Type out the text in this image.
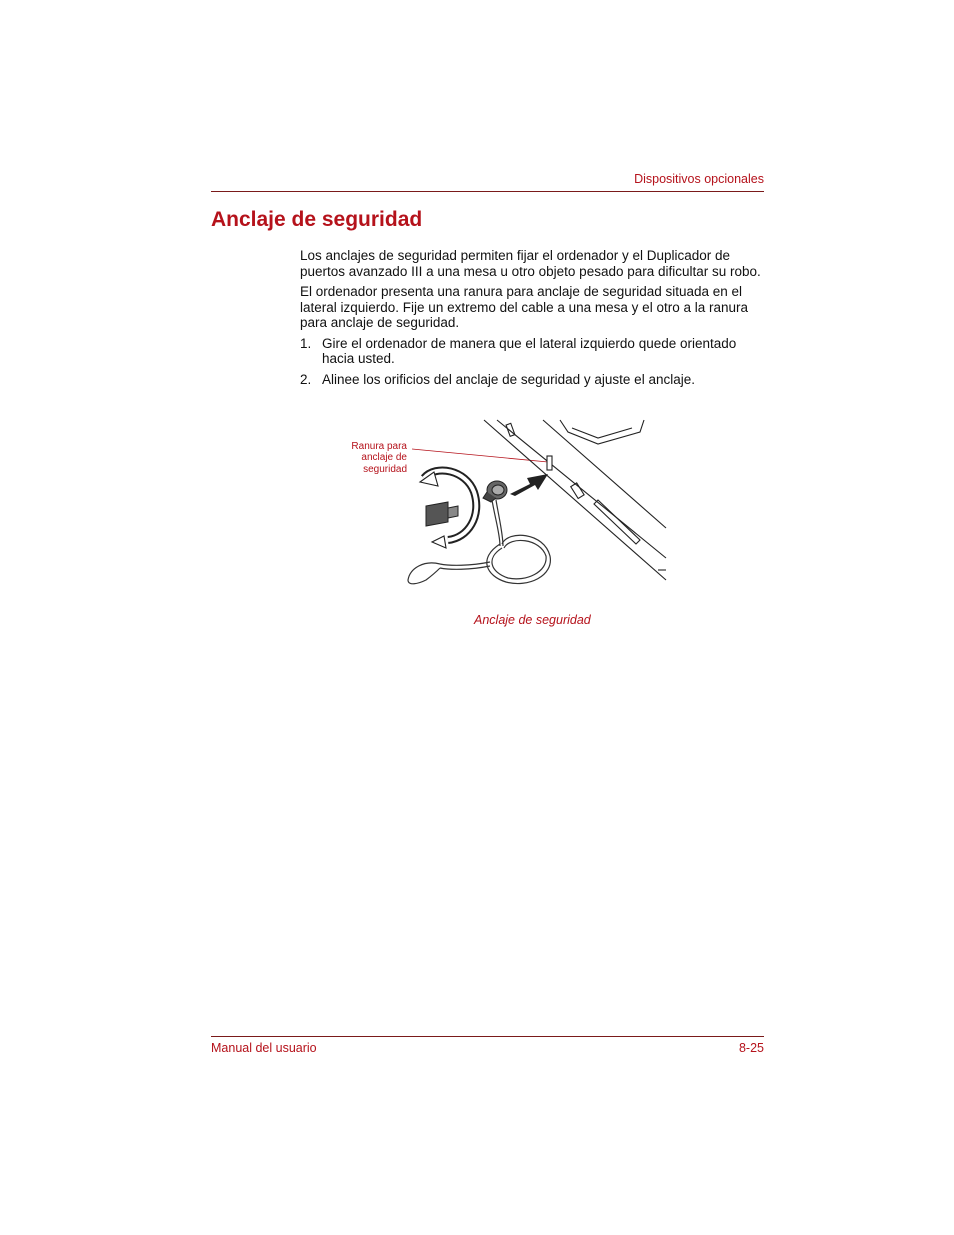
Dispositivos opcionales
Anclaje de seguridad

Los anclajes de seguridad permiten fijar el ordenador y el Duplicador de puertos avanzado III a una mesa u otro objeto pesado para dificultar su robo.

El ordenador presenta una ranura para anclaje de seguridad situada en el lateral izquierdo. Fije un extremo del cable a una mesa y el otro a la ranura para anclaje de seguridad.

1. Gire el ordenador de manera que el lateral izquierdo quede orientado hacia usted.
2. Alinee los orificios del anclaje de seguridad y ajuste el anclaje.
Ranura para
anclaje de
seguridad
Anclaje de seguridad
Manual del usuario	8-25
